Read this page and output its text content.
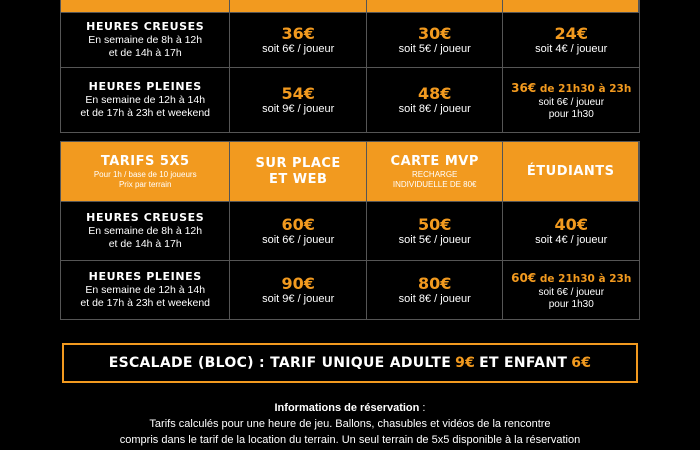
HEURES CREUSES
En semaine de 8h à 12h
et de 14h à 17h
36€
soit 6€ / joueur
30€
soit 5€ / joueur
24€
soit 4€ / joueur
HEURES PLEINES
En semaine de 12h à 14h
et de 17h à 23h et weekend
54€
soit 9€ / joueur
48€
soit 8€ / joueur
36€ de 21h30 à 23h
soit 6€ / joueur
pour 1h30
TARIFS 5X5
Pour 1h / base de 10 joueurs
Prix par terrain
SUR PLACE
ET WEB
CARTE MVP
RECHARGE
INDIVIDUELLE DE 80€
ÉTUDIANTS
HEURES CREUSES
En semaine de 8h à 12h
et de 14h à 17h
60€
soit 6€ / joueur
50€
soit 5€ / joueur
40€
soit 4€ / joueur
HEURES PLEINES
En semaine de 12h à 14h
et de 17h à 23h et weekend
90€
soit 9€ / joueur
80€
soit 8€ / joueur
60€ de 21h30 à 23h
soit 6€ / joueur
pour 1h30
ESCALADE (BLOC) : TARIF UNIQUE ADULTE 9€ ET ENFANT 6€
Informations de réservation :
Tarifs calculés pour une heure de jeu. Ballons, chasubles et vidéos de la rencontre
compris dans le tarif de la location du terrain. Un seul terrain de 5x5 disponible à la réservation
